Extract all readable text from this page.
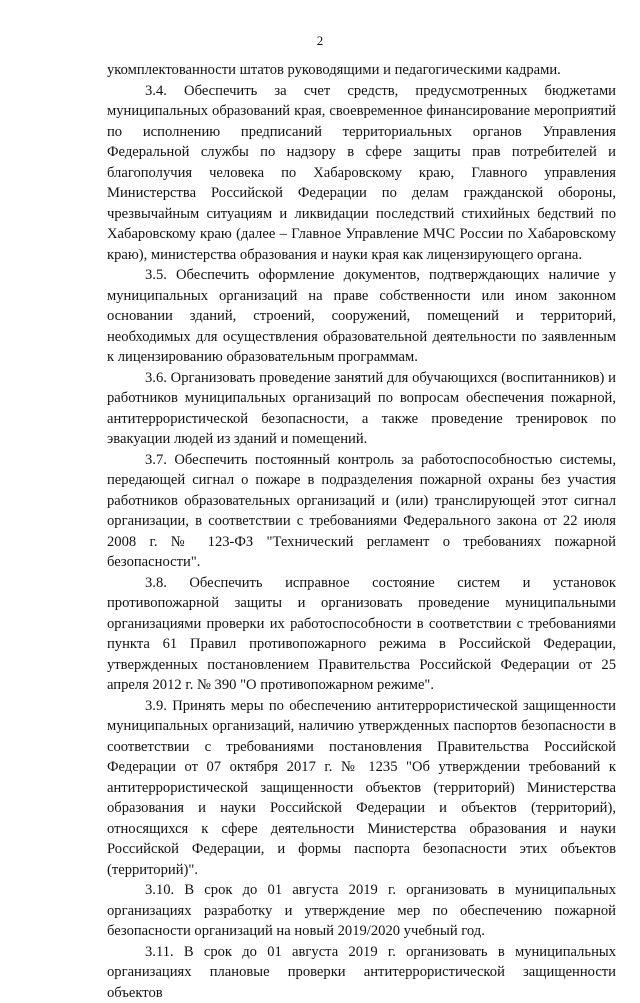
2

укомплектованности штатов руководящими и педагогическими кадрами.

3.4. Обеспечить за счет средств, предусмотренных бюджетами муниципальных образований края, своевременное финансирование мероприятий по исполнению предписаний территориальных органов Управления Федеральной службы по надзору в сфере защиты прав потребителей и благополучия человека по Хабаровскому краю, Главного управления Министерства Российской Федерации по делам гражданской обороны, чрезвычайным ситуациям и ликвидации последствий стихийных бедствий по Хабаровскому краю (далее – Главное Управление МЧС России по Хабаровскому краю), министерства образования и науки края как лицензирующего органа.

3.5. Обеспечить оформление документов, подтверждающих наличие у муниципальных организаций на праве собственности или ином законном основании зданий, строений, сооружений, помещений и территорий, необходимых для осуществления образовательной деятельности по заявленным к лицензированию образовательным программам.

3.6. Организовать проведение занятий для обучающихся (воспитанников) и работников муниципальных организаций по вопросам обеспечения пожарной, антитеррористической безопасности, а также проведение тренировок по эвакуации людей из зданий и помещений.

3.7. Обеспечить постоянный контроль за работоспособностью системы, передающей сигнал о пожаре в подразделения пожарной охраны без участия работников образовательных организаций и (или) транслирующей этот сигнал организации, в соответствии с требованиями Федерального закона от 22 июля 2008 г. № 123-ФЗ "Технический регламент о требованиях пожарной безопасности".

3.8. Обеспечить исправное состояние систем и установок противопожарной защиты и организовать проведение муниципальными организациями проверки их работоспособности в соответствии с требованиями пункта 61 Правил противопожарного режима в Российской Федерации, утвержденных постановлением Правительства Российской Федерации от 25 апреля 2012 г. № 390 "О противопожарном режиме".

3.9. Принять меры по обеспечению антитеррористической защищенности муниципальных организаций, наличию утвержденных паспортов безопасности в соответствии с требованиями постановления Правительства Российской Федерации от 07 октября 2017 г. № 1235 "Об утверждении требований к антитеррористической защищенности объектов (территорий) Министерства образования и науки Российской Федерации и объектов (территорий), относящихся к сфере деятельности Министерства образования и науки Российской Федерации, и формы паспорта безопасности этих объектов (территорий)".

3.10. В срок до 01 августа 2019 г. организовать в муниципальных организациях разработку и утверждение мер по обеспечению пожарной безопасности организаций на новый 2019/2020 учебный год.

3.11. В срок до 01 августа 2019 г. организовать в муниципальных организациях плановые проверки антитеррористической защищенности объектов
